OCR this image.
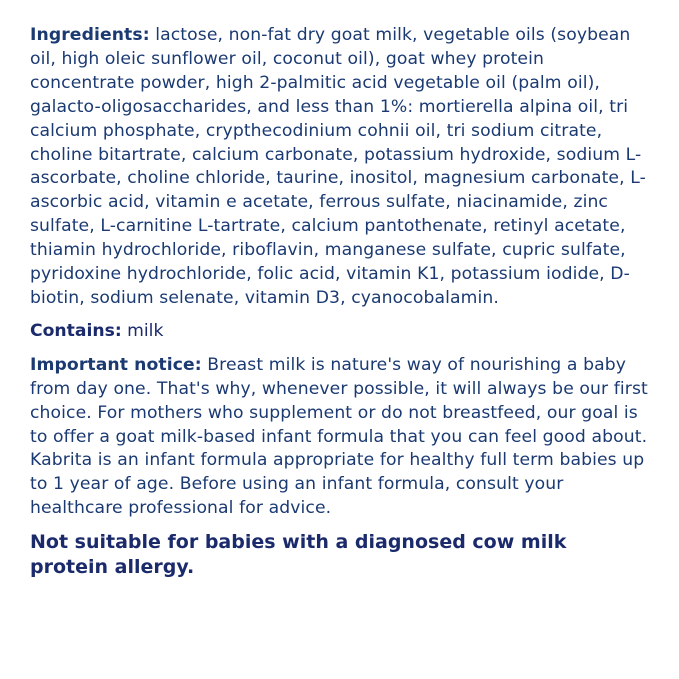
Ingredients: lactose, non-fat dry goat milk, vegetable oils (soybean oil, high oleic sunflower oil, coconut oil), goat whey protein concentrate powder, high 2-palmitic acid vegetable oil (palm oil), galacto-oligosaccharides, and less than 1%: mortierella alpina oil, tri calcium phosphate, crypthecodinium cohnii oil, tri sodium citrate, choline bitartrate, calcium carbonate, potassium hydroxide, sodium L-ascorbate, choline chloride, taurine, inositol, magnesium carbonate, L-ascorbic acid, vitamin e acetate, ferrous sulfate, niacinamide, zinc sulfate, L-carnitine L-tartrate, calcium pantothenate, retinyl acetate, thiamin hydrochloride, riboflavin, manganese sulfate, cupric sulfate, pyridoxine hydrochloride, folic acid, vitamin K1, potassium iodide, D-biotin, sodium selenate, vitamin D3, cyanocobalamin.

Contains: milk

Important notice: Breast milk is nature's way of nourishing a baby from day one. That's why, whenever possible, it will always be our first choice. For mothers who supplement or do not breastfeed, our goal is to offer a goat milk-based infant formula that you can feel good about. Kabrita is an infant formula appropriate for healthy full term babies up to 1 year of age. Before using an infant formula, consult your healthcare professional for advice.

Not suitable for babies with a diagnosed cow milk protein allergy.
